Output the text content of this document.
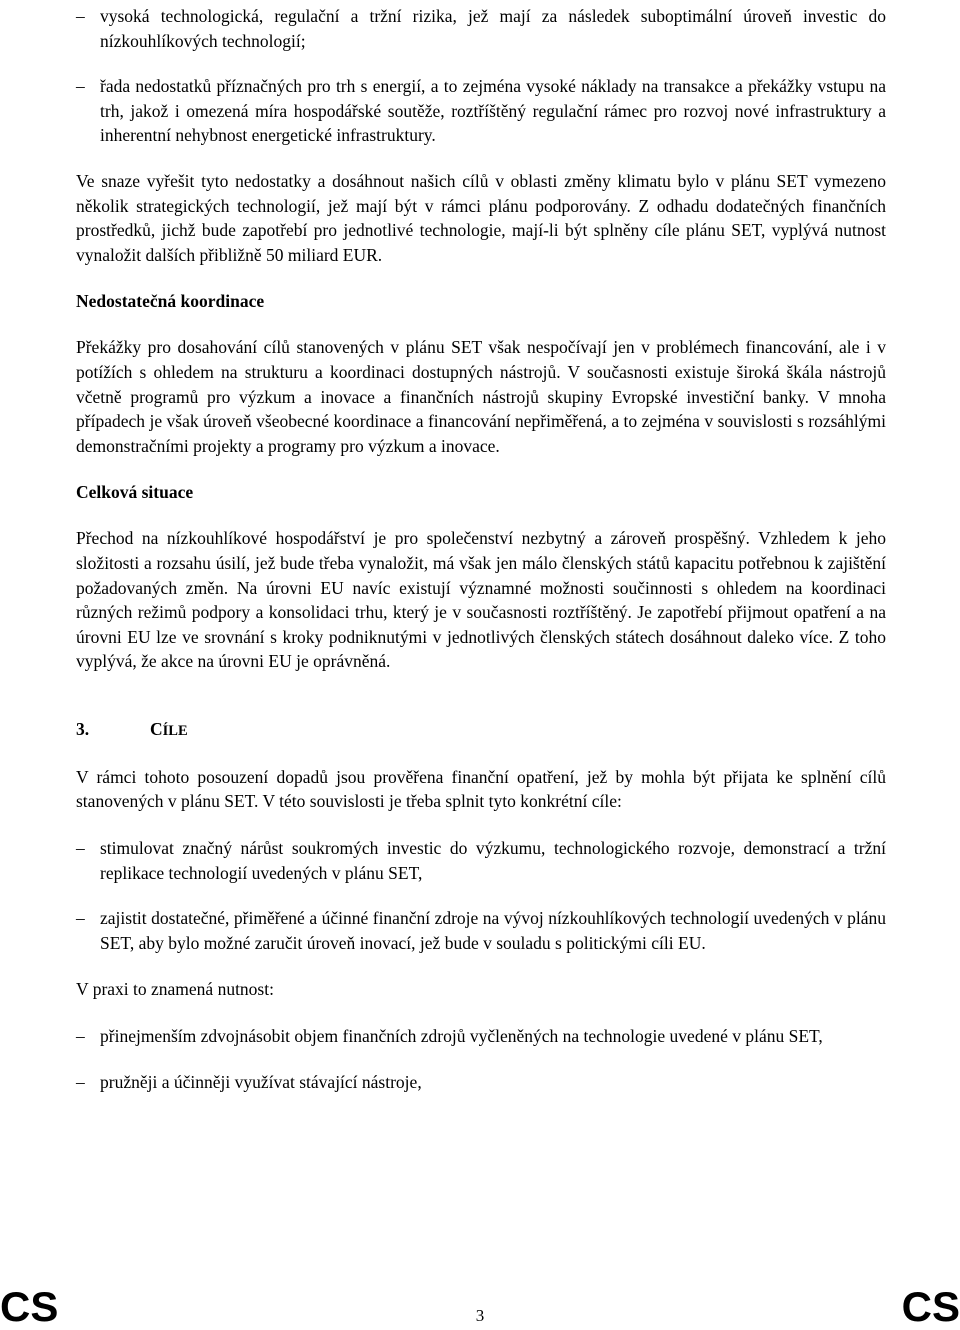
– vysoká technologická, regulační a tržní rizika, jež mají za následek suboptimální úroveň investic do nízkouhlíkových technologií;
– řada nedostatků příznačných pro trh s energií, a to zejména vysoké náklady na transakce a překážky vstupu na trh, jakož i omezená míra hospodářské soutěže, roztříštěný regulační rámec pro rozvoj nové infrastruktury a inherentní nehybnost energetické infrastruktury.

Ve snaze vyřešit tyto nedostatky a dosáhnout našich cílů v oblasti změny klimatu bylo v plánu SET vymezeno několik strategických technologií, jež mají být v rámci plánu podporovány. Z odhadu dodatečných finančních prostředků, jichž bude zapotřebí pro jednotlivé technologie, mají-li být splněny cíle plánu SET, vyplývá nutnost vynaložit dalších přibližně 50 miliard EUR.

Nedostatečná koordinace

Překážky pro dosahování cílů stanovených v plánu SET však nespočívají jen v problémech financování, ale i v potížích s ohledem na strukturu a koordinaci dostupných nástrojů. V současnosti existuje široká škála nástrojů včetně programů pro výzkum a inovace a finančních nástrojů skupiny Evropské investiční banky. V mnoha případech je však úroveň všeobecné koordinace a financování nepřiměřená, a to zejména v souvislosti s rozsáhlými demonstračními projekty a programy pro výzkum a inovace.

Celková situace

Přechod na nízkouhlíkové hospodářství je pro společenství nezbytný a zároveň prospěšný. Vzhledem k jeho složitosti a rozsahu úsilí, jež bude třeba vynaložit, má však jen málo členských států kapacitu potřebnou k zajištění požadovaných změn. Na úrovni EU navíc existují významné možnosti součinnosti s ohledem na koordinaci různých režimů podpory a konsolidaci trhu, který je v současnosti roztříštěný. Je zapotřebí přijmout opatření a na úrovni EU lze ve srovnání s kroky podniknutými v jednotlivých členských státech dosáhnout daleko více. Z toho vyplývá, že akce na úrovni EU je oprávněná.

3.	CÍLE

V rámci tohoto posouzení dopadů jsou prověřena finanční opatření, jež by mohla být přijata ke splnění cílů stanovených v plánu SET. V této souvislosti je třeba splnit tyto konkrétní cíle:

– stimulovat značný nárůst soukromých investic do výzkumu, technologického rozvoje, demonstrací a tržní replikace technologií uvedených v plánu SET,
– zajistit dostatečné, přiměřené a účinné finanční zdroje na vývoj nízkouhlíkových technologií uvedených v plánu SET, aby bylo možné zaručit úroveň inovací, jež bude v souladu s politickými cíli EU.

V praxi to znamená nutnost:

– přinejmenším zdvojnásobit objem finančních zdrojů vyčleněných na technologie uvedené v plánu SET,
– pružněji a účinněji využívat stávající nástroje,
CS	3	CS
